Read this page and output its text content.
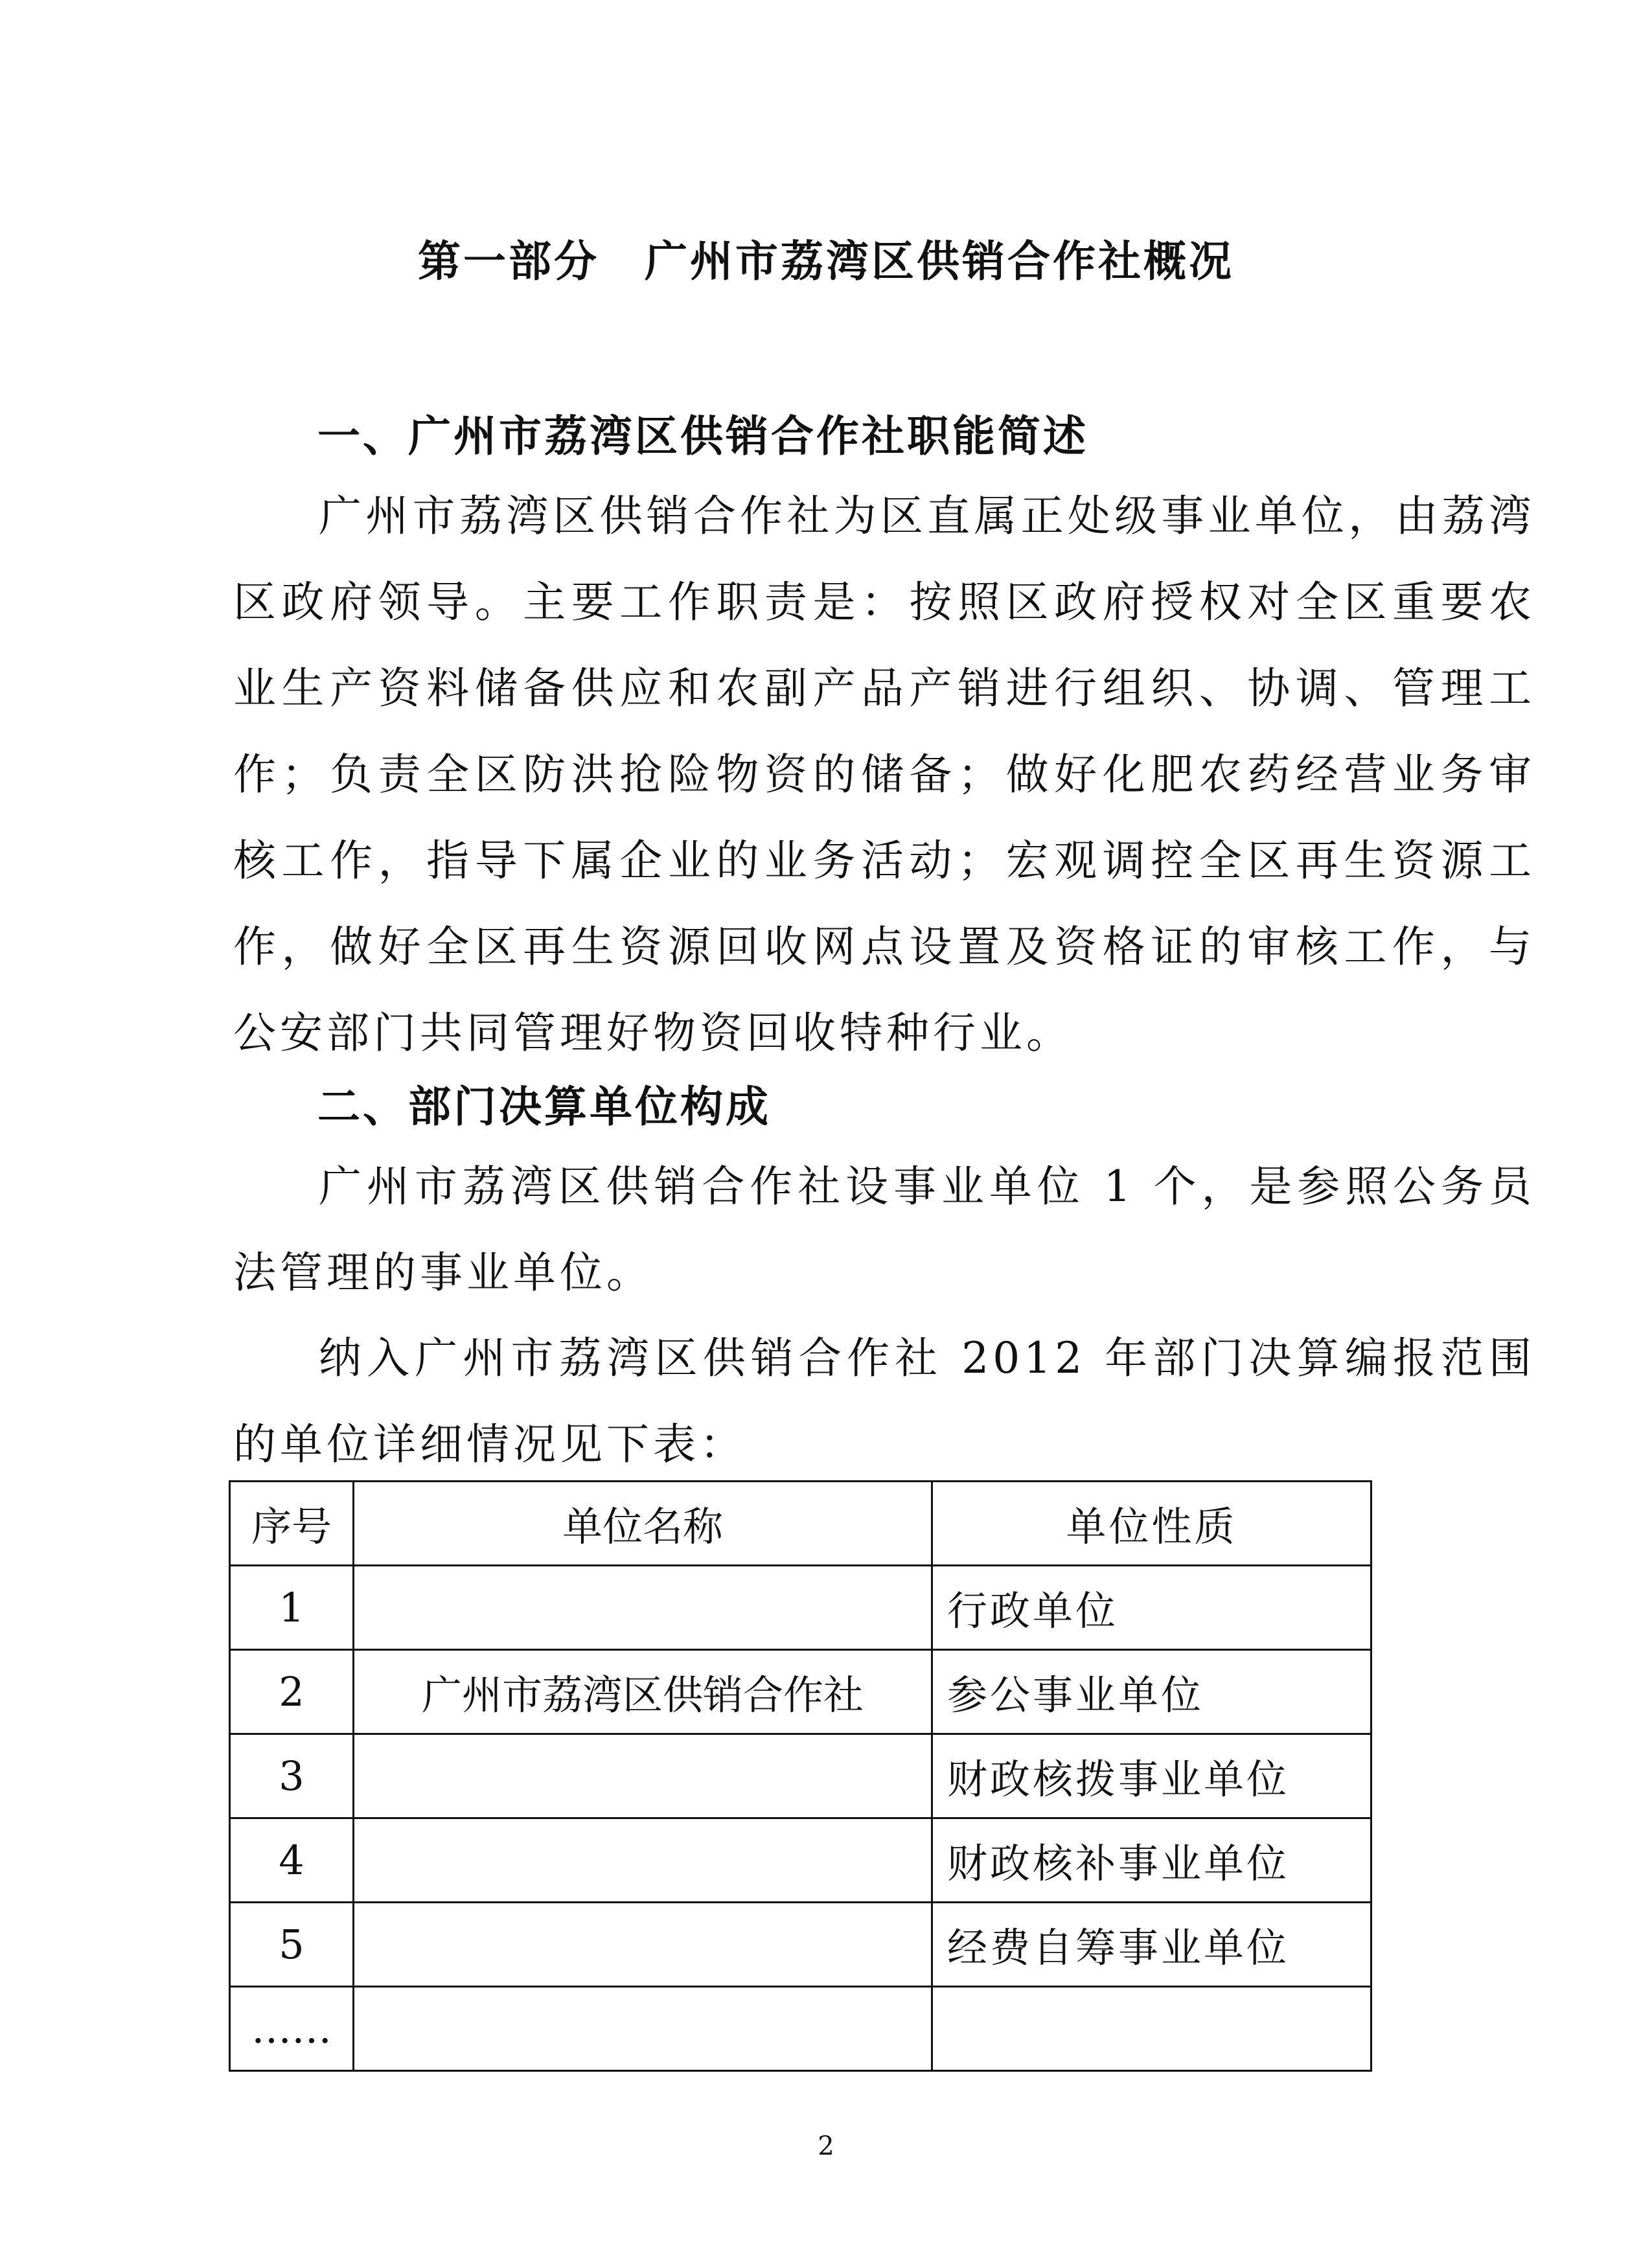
第一部分　广州市荔湾区供销合作社概况
一、广州市荔湾区供销合作社职能简述

广州市荔湾区供销合作社为区直属正处级事业单位，由荔湾区政府领导。主要工作职责是：按照区政府授权对全区重要农业生产资料储备供应和农副产品产销进行组织、协调、管理工作；负责全区防洪抢险物资的储备；做好化肥农药经营业务审核工作，指导下属企业的业务活动；宏观调控全区再生资源工作，做好全区再生资源回收网点设置及资格证的审核工作，与公安部门共同管理好物资回收特种行业。

二、部门决算单位构成

广州市荔湾区供销合作社设事业单位 1 个，是参照公务员法管理的事业单位。

纳入广州市荔湾区供销合作社 2012 年部门决算编报范围的单位详细情况见下表：

序号	单位名称	单位性质
1		行政单位
2	广州市荔湾区供销合作社	参公事业单位
3		财政核拨事业单位
4		财政核补事业单位
5		经费自筹事业单位
……		
2
